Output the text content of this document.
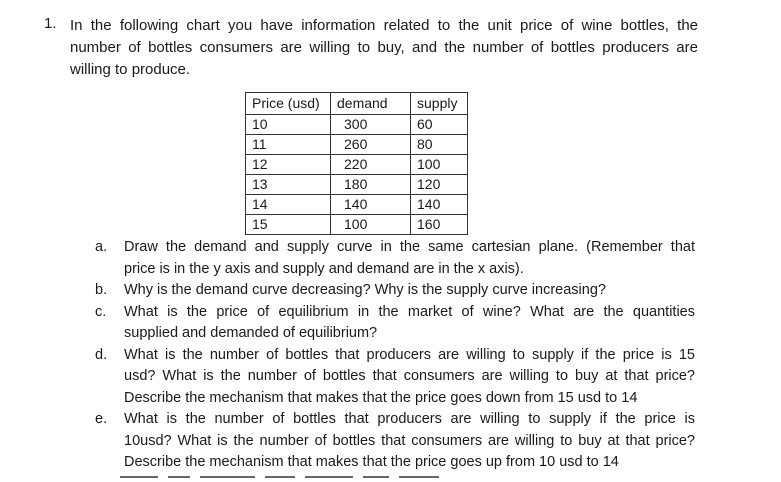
1. In the following chart you have information related to the unit price of wine bottles, the
number of bottles consumers are willing to buy, and the number of bottles producers are
willing to produce.
Price (usd)	demand	supply
10	300	60
11	260	80
12	220	100
13	180	120
14	140	140
15	100	160
a. Draw the demand and supply curve in the same cartesian plane. (Remember that
price is in the y axis and supply and demand are in the x axis).
b. Why is the demand curve decreasing? Why is the supply curve increasing?
c. What is the price of equilibrium in the market of wine? What are the quantities
supplied and demanded of equilibrium?
d. What is the number of bottles that producers are willing to supply if the price is 15
usd? What is the number of bottles that consumers are willing to buy at that price?
Describe the mechanism that makes that the price goes down from 15 usd to 14
e. What is the number of bottles that producers are willing to supply if the price is
10usd? What is the number of bottles that consumers are willing to buy at that price?
Describe the mechanism that makes that the price goes up from 10 usd to 14
